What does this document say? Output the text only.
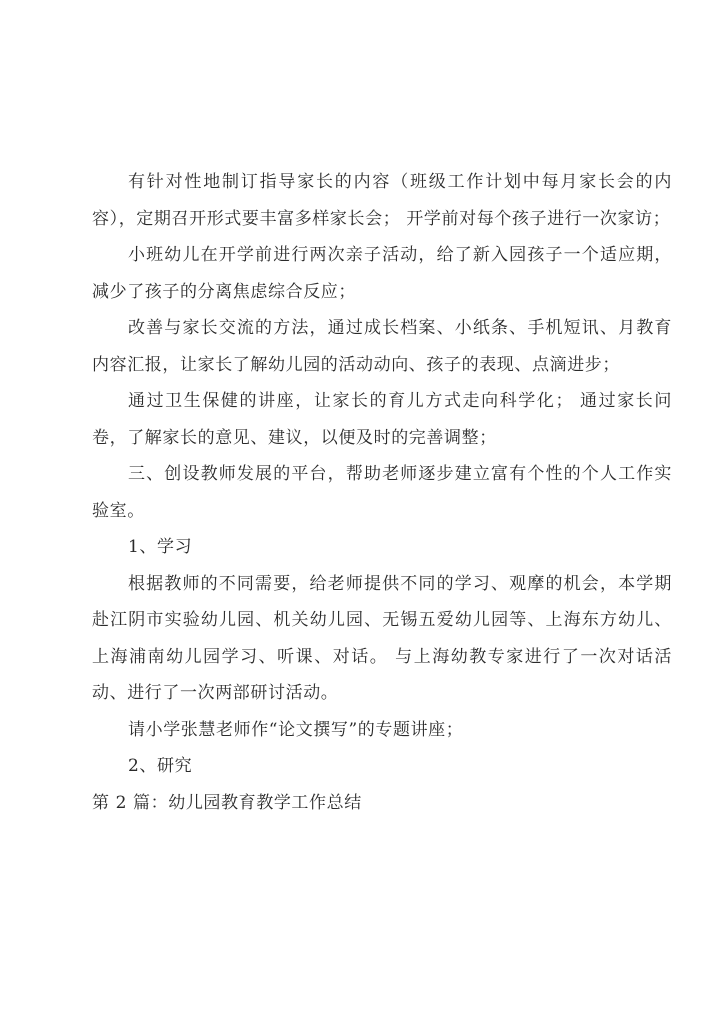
有针对性地制订指导家长的内容（班级工作计划中每月家长会的内容），定期召开形式要丰富多样家长会； 开学前对每个孩子进行一次家访；

小班幼儿在开学前进行两次亲子活动，给了新入园孩子一个适应期，减少了孩子的分离焦虑综合反应；

改善与家长交流的方法，通过成长档案、小纸条、手机短讯、月教育内容汇报，让家长了解幼儿园的活动动向、孩子的表现、点滴进步；

通过卫生保健的讲座，让家长的育儿方式走向科学化； 通过家长问卷，了解家长的意见、建议，以便及时的完善调整；

三、创设教师发展的平台，帮助老师逐步建立富有个性的个人工作实验室。

1、学习

根据教师的不同需要，给老师提供不同的学习、观摩的机会，本学期赴江阴市实验幼儿园、机关幼儿园、无锡五爱幼儿园等、上海东方幼儿、上海浦南幼儿园学习、听课、对话。 与上海幼教专家进行了一次对话活动、进行了一次两部研讨活动。

请小学张慧老师作“论文撰写”的专题讲座；

2、研究

第 2 篇：幼儿园教育教学工作总结
